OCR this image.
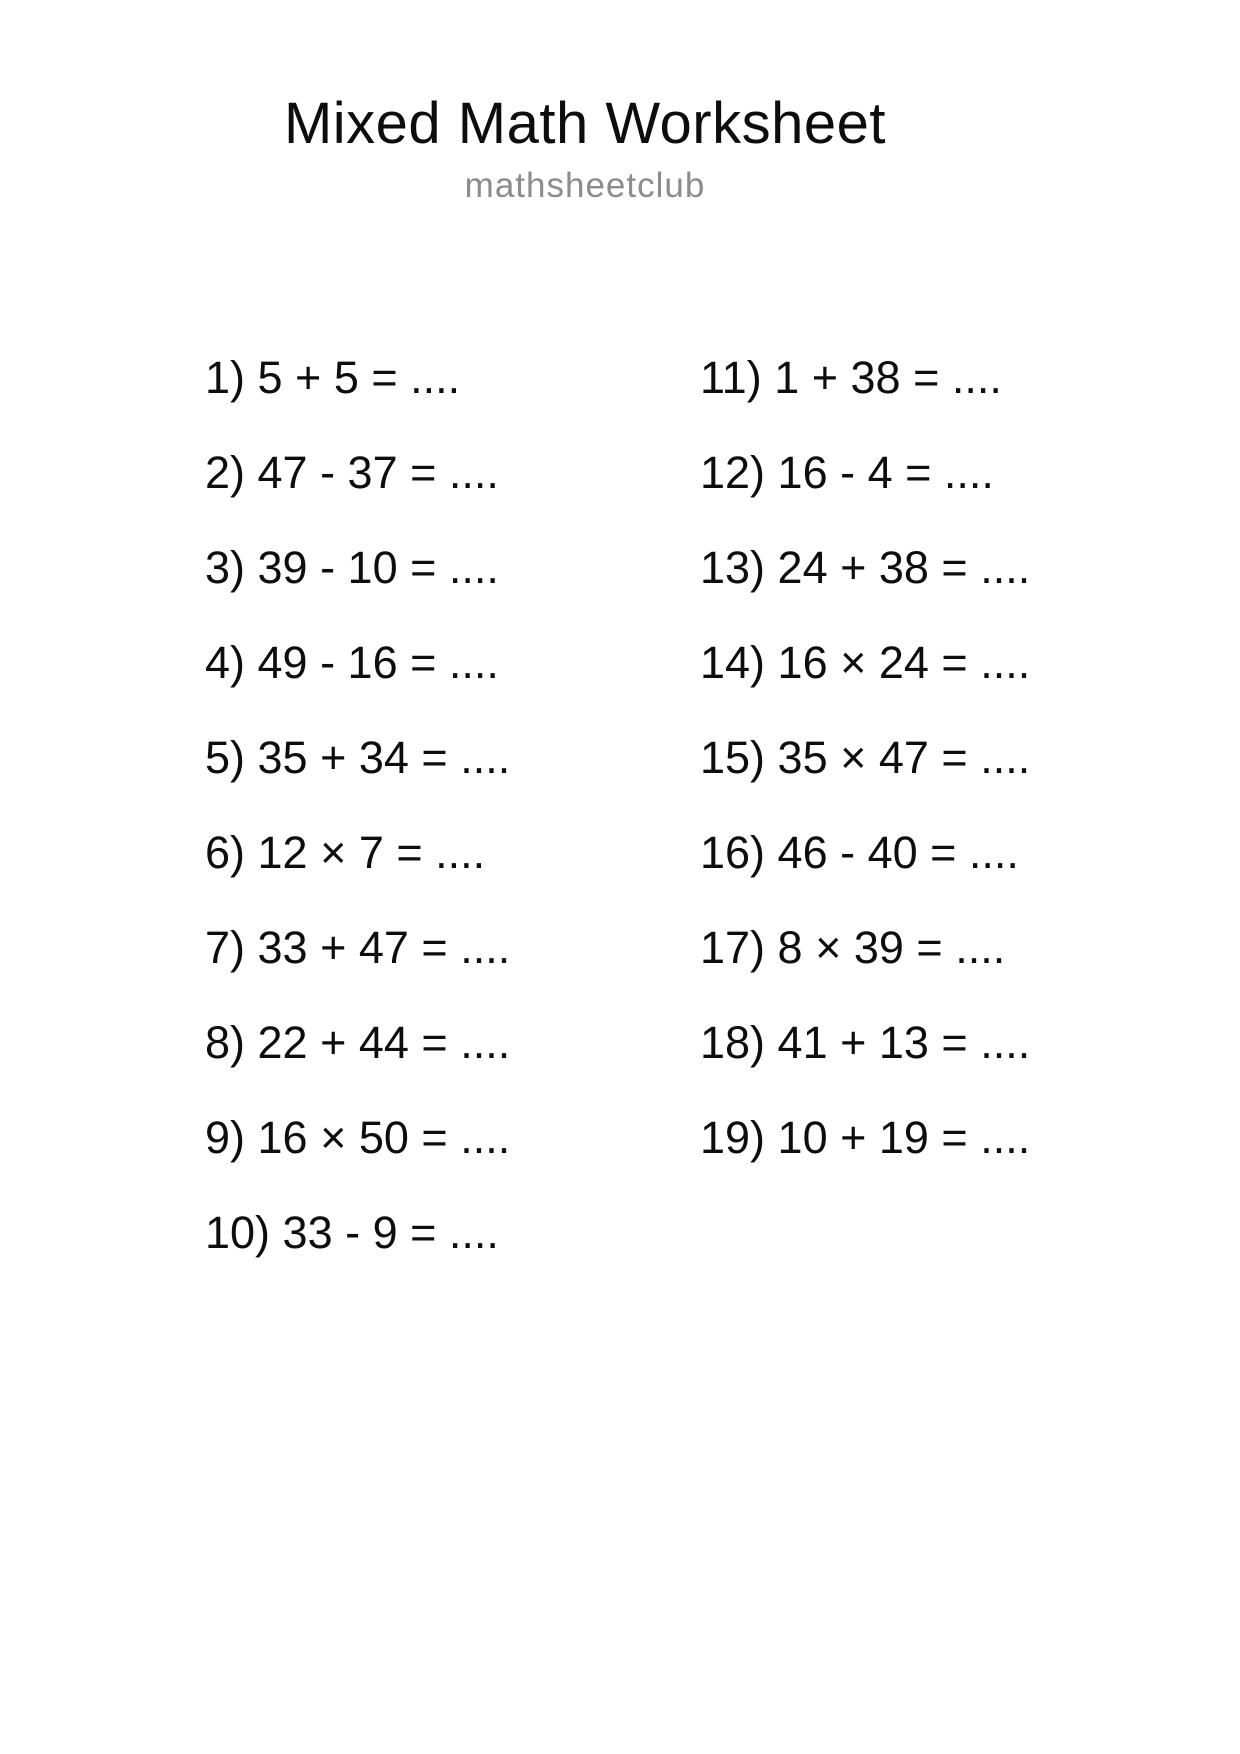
Mixed Math Worksheet
mathsheetclub
1) 5 + 5 = ....
2) 47 - 37 = ....
3) 39 - 10 = ....
4) 49 - 16 = ....
5) 35 + 34 = ....
6) 12 × 7 = ....
7) 33 + 47 = ....
8) 22 + 44 = ....
9) 16 × 50 = ....
10) 33 - 9 = ....
11) 1 + 38 = ....
12) 16 - 4 = ....
13) 24 + 38 = ....
14) 16 × 24 = ....
15) 35 × 47 = ....
16) 46 - 40 = ....
17) 8 × 39 = ....
18) 41 + 13 = ....
19) 10 + 19 = ....
